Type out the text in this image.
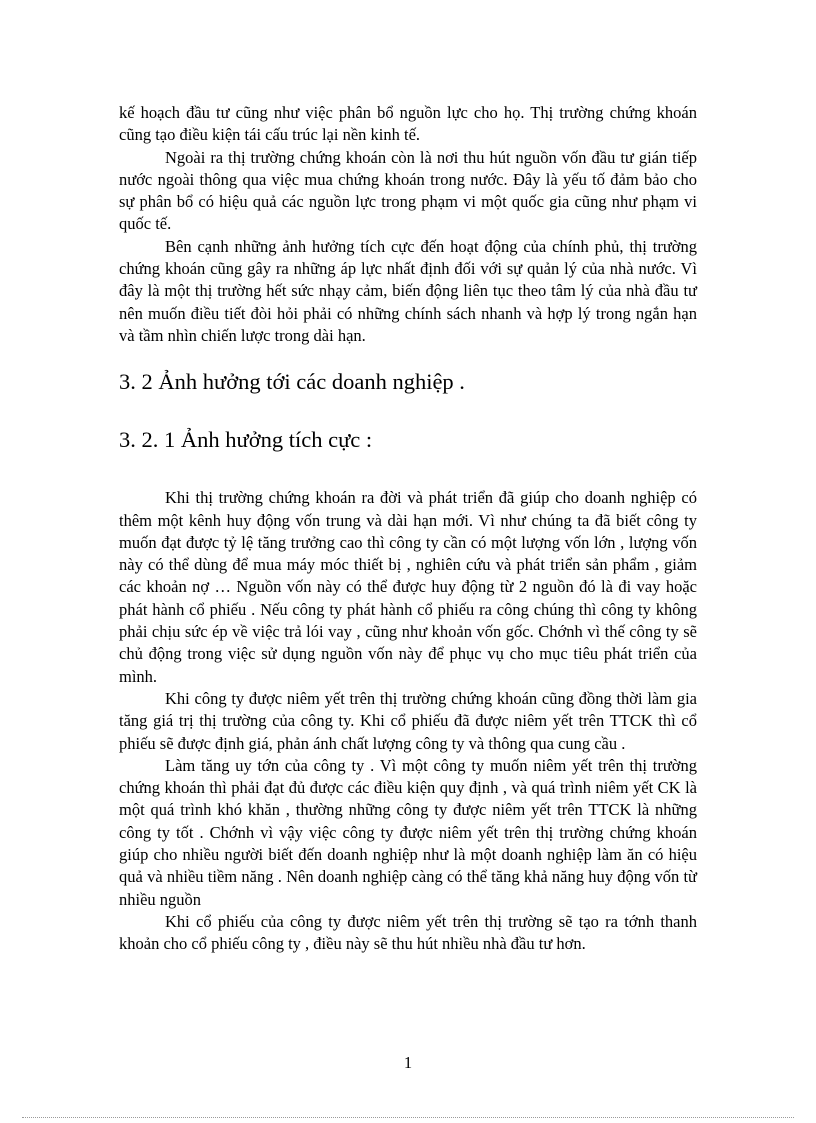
kế hoạch đầu tư cũng như việc phân bổ nguồn lực cho họ. Thị trường chứng khoán cũng tạo điều kiện tái cấu trúc lại nền kinh tế.

Ngoài ra thị trường chứng khoán còn là nơi thu hút nguồn vốn đầu tư gián tiếp nước ngoài thông qua việc mua chứng khoán trong nước. Đây là yếu tố đảm bảo cho sự phân bổ có hiệu quả các nguồn lực trong phạm vi một quốc gia cũng như phạm vi quốc tế.

Bên cạnh những ảnh hưởng tích cực đến hoạt động của chính phủ, thị trường chứng khoán cũng gây ra những áp lực nhất định đối với sự quản lý của nhà nước. Vì đây là một thị trường hết sức nhạy cảm, biến động liên tục theo tâm lý của nhà đầu tư nên muốn điều tiết đòi hỏi phải có những chính sách nhanh và hợp lý trong ngắn hạn và tầm nhìn chiến lược trong dài hạn.

3. 2 Ảnh hưởng tới các doanh nghiệp .
3. 2. 1 Ảnh hưởng tích cực :

Khi thị trường chứng khoán ra đời và phát triển đã giúp cho doanh nghiệp có thêm một kênh huy động vốn trung và dài hạn mới. Vì như chúng ta đã biết công ty muốn đạt được tỷ lệ tăng trưởng cao thì công ty cần có một lượng vốn lớn , lượng vốn này có thể dùng để mua máy móc thiết bị , nghiên cứu và phát triển sản phẩm , giảm các khoản nợ … Nguồn vốn này có thể được huy động từ 2 nguồn đó là đi vay hoặc phát hành cổ phiếu . Nếu công ty phát hành cổ phiếu ra công chúng thì công ty không phải chịu sức ép về việc trả lói vay , cũng như khoản vốn gốc. Chớnh vì thế công ty sẽ chủ động trong việc sử dụng nguồn vốn này để phục vụ cho mục tiêu phát triển của mình.

Khi công ty được niêm yết trên thị trường chứng khoán cũng đồng thời làm gia tăng giá trị thị trường của công ty. Khi cổ phiếu đã được niêm yết trên TTCK thì cổ phiếu sẽ được định giá, phản ánh chất lượng công ty và thông qua cung cầu .

Làm tăng uy tớn của công ty . Vì một công ty muốn niêm yết trên thị trường chứng khoán thì phải đạt đủ được các điều kiện quy định , và quá trình niêm yết CK là một quá trình khó khăn , thường những công ty được niêm yết trên TTCK là những công ty tốt . Chớnh vì vậy việc công ty được niêm yết trên thị trường chứng khoán giúp cho nhiều người biết đến doanh nghiệp như là một doanh nghiệp làm ăn có hiệu quả và nhiều tiềm năng . Nên doanh nghiệp càng có thể tăng khả năng huy động vốn từ nhiều nguồn

Khi cổ phiếu của công ty được niêm yết trên thị trường sẽ tạo ra tớnh thanh khoản cho cổ phiếu công ty , điều này sẽ thu hút nhiều nhà đầu tư hơn.

1
